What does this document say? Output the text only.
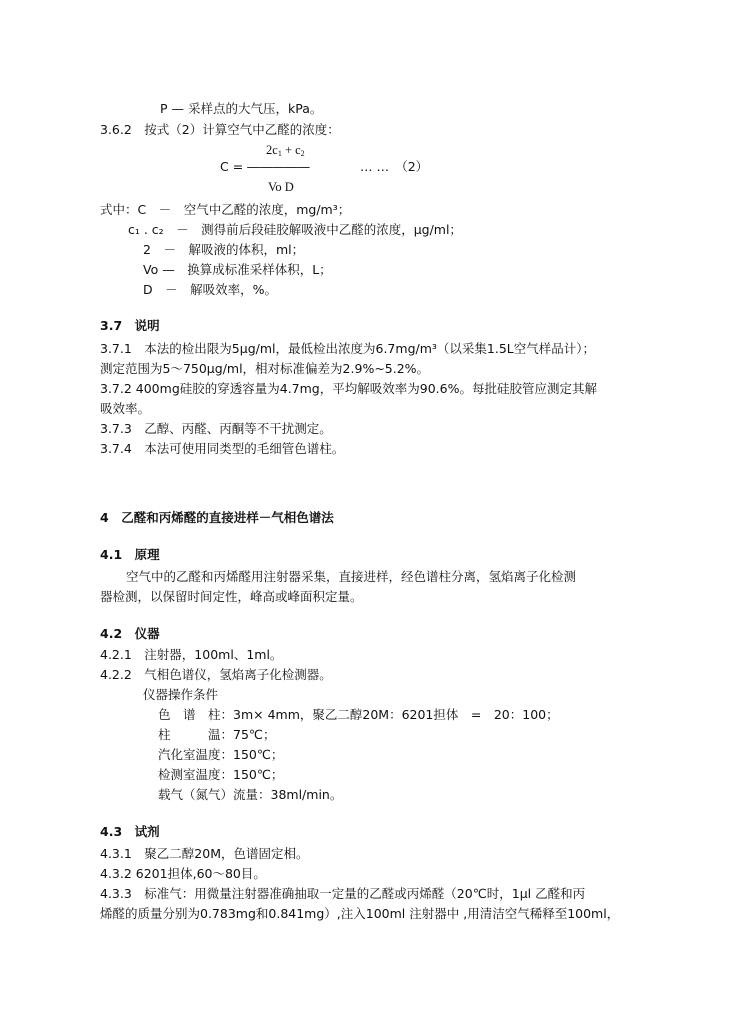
P — 采样点的大气压，kPa。
3.6.2　按式（2）计算空气中乙醛的浓度：
$2c_1 + c_2$
C = ―――――	… …　（2）
Vo D
式中：C　－　空气中乙醛的浓度，mg/m³；
c₁ . c₂　－　测得前后段硅胶解吸液中乙醛的浓度，μg/ml；
2　－　解吸液的体积，ml；
Vo —　换算成标准采样体积，L；
D　－　解吸效率，%。
3.7　说明
3.7.1　本法的检出限为5μg/ml，最低检出浓度为6.7mg/m³（以采集1.5L空气样品计）；
测定范围为5～750μg/ml，相对标准偏差为2.9%~5.2%。
3.7.2 400mg硅胶的穿透容量为4.7mg，平均解吸效率为90.6%。每批硅胶管应测定其解
吸效率。
3.7.3　乙醇、丙醛、丙酮等不干扰测定。
3.7.4　本法可使用同类型的毛细管色谱柱。
4　乙醛和丙烯醛的直接进样－气相色谱法
4.1　原理
空气中的乙醛和丙烯醛用注射器采集，直接进样，经色谱柱分离，氢焰离子化检测
器检测，以保留时间定性，峰高或峰面积定量。
4.2　仪器
4.2.1　注射器，100ml、1ml。
4.2.2　气相色谱仪，氢焰离子化检测器。
仪器操作条件
色　谱　柱：3m× 4mm，聚乙二醇20M：6201担体　=　20：100；
柱　　　温：75℃；
汽化室温度：150℃；
检测室温度：150℃；
载气（氮气）流量：38ml/min。
4.3　试剂
4.3.1　聚乙二醇20M，色谱固定相。
4.3.2 6201担体,60～80目。
4.3.3　标准气：用微量注射器准确抽取一定量的乙醛或丙烯醛（20℃时，1μl 乙醛和丙
烯醛的质量分别为0.783mg和0.841mg）,注入100ml 注射器中 ,用清洁空气稀释至100ml，
